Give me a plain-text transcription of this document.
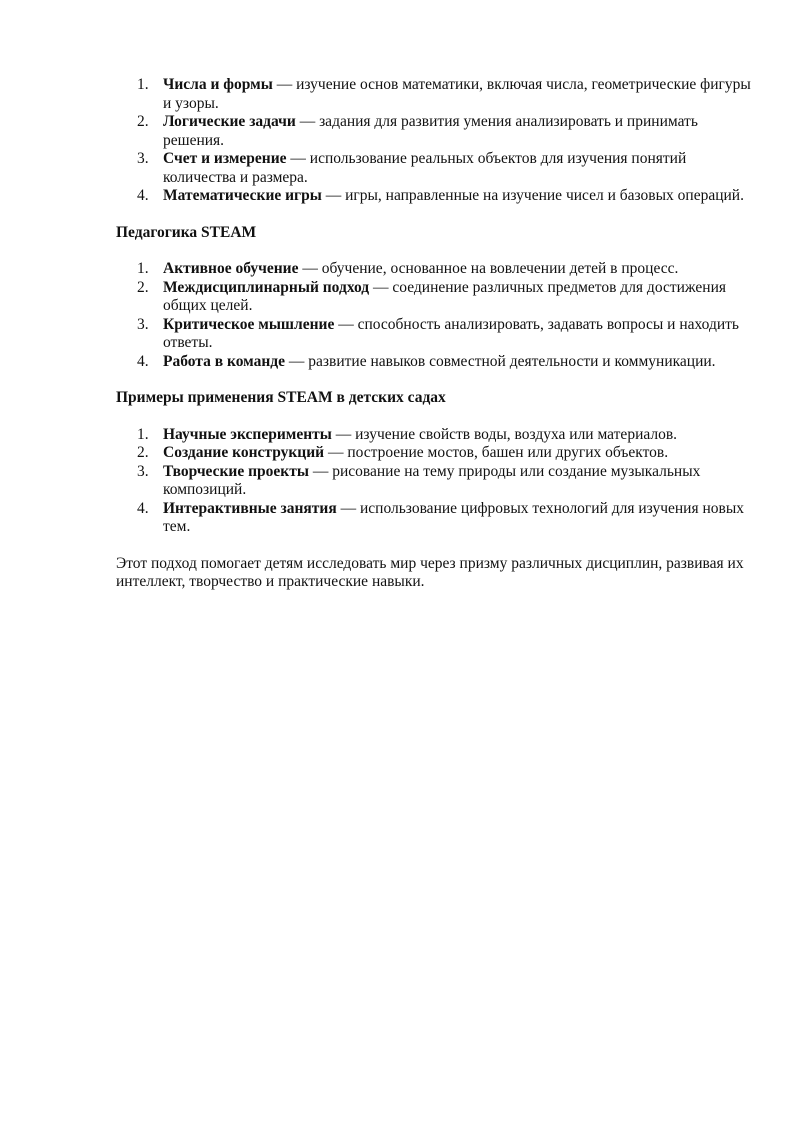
1. Числа и формы — изучение основ математики, включая числа, геометрические фигуры и узоры.
2. Логические задачи — задания для развития умения анализировать и принимать решения.
3. Счет и измерение — использование реальных объектов для изучения понятий количества и размера.
4. Математические игры — игры, направленные на изучение чисел и базовых операций.
Педагогика STEAM
1. Активное обучение — обучение, основанное на вовлечении детей в процесс.
2. Междисциплинарный подход — соединение различных предметов для достижения общих целей.
3. Критическое мышление — способность анализировать, задавать вопросы и находить ответы.
4. Работа в команде — развитие навыков совместной деятельности и коммуникации.
Примеры применения STEAM в детских садах
1. Научные эксперименты — изучение свойств воды, воздуха или материалов.
2. Создание конструкций — построение мостов, башен или других объектов.
3. Творческие проекты — рисование на тему природы или создание музыкальных композиций.
4. Интерактивные занятия — использование цифровых технологий для изучения новых тем.

Этот подход помогает детям исследовать мир через призму различных дисциплин, развивая их интеллект, творчество и практические навыки.
